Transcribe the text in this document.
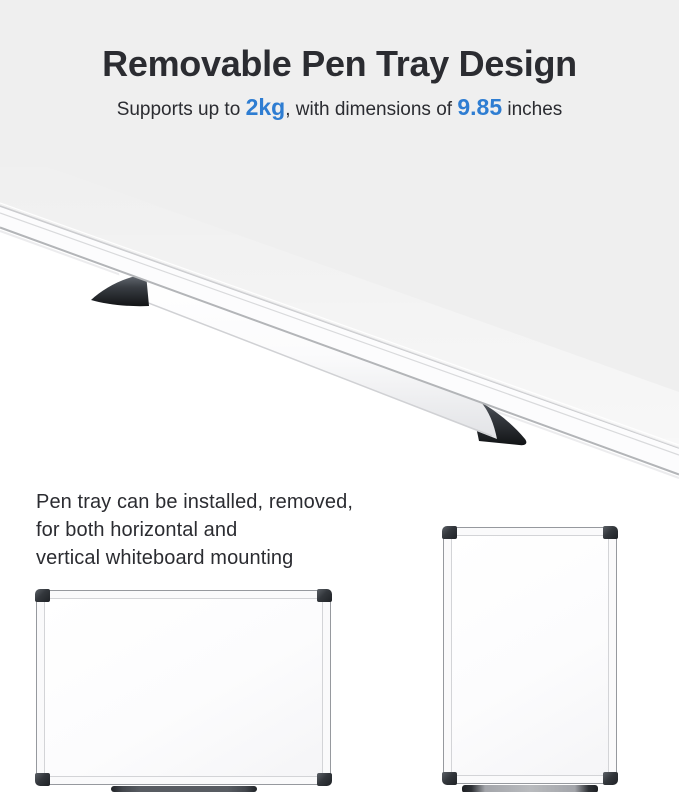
Removable Pen Tray Design
Supports up to 2kg, with dimensions of 9.85 inches
Pen tray can be installed, removed,
for both horizontal and
vertical whiteboard mounting
